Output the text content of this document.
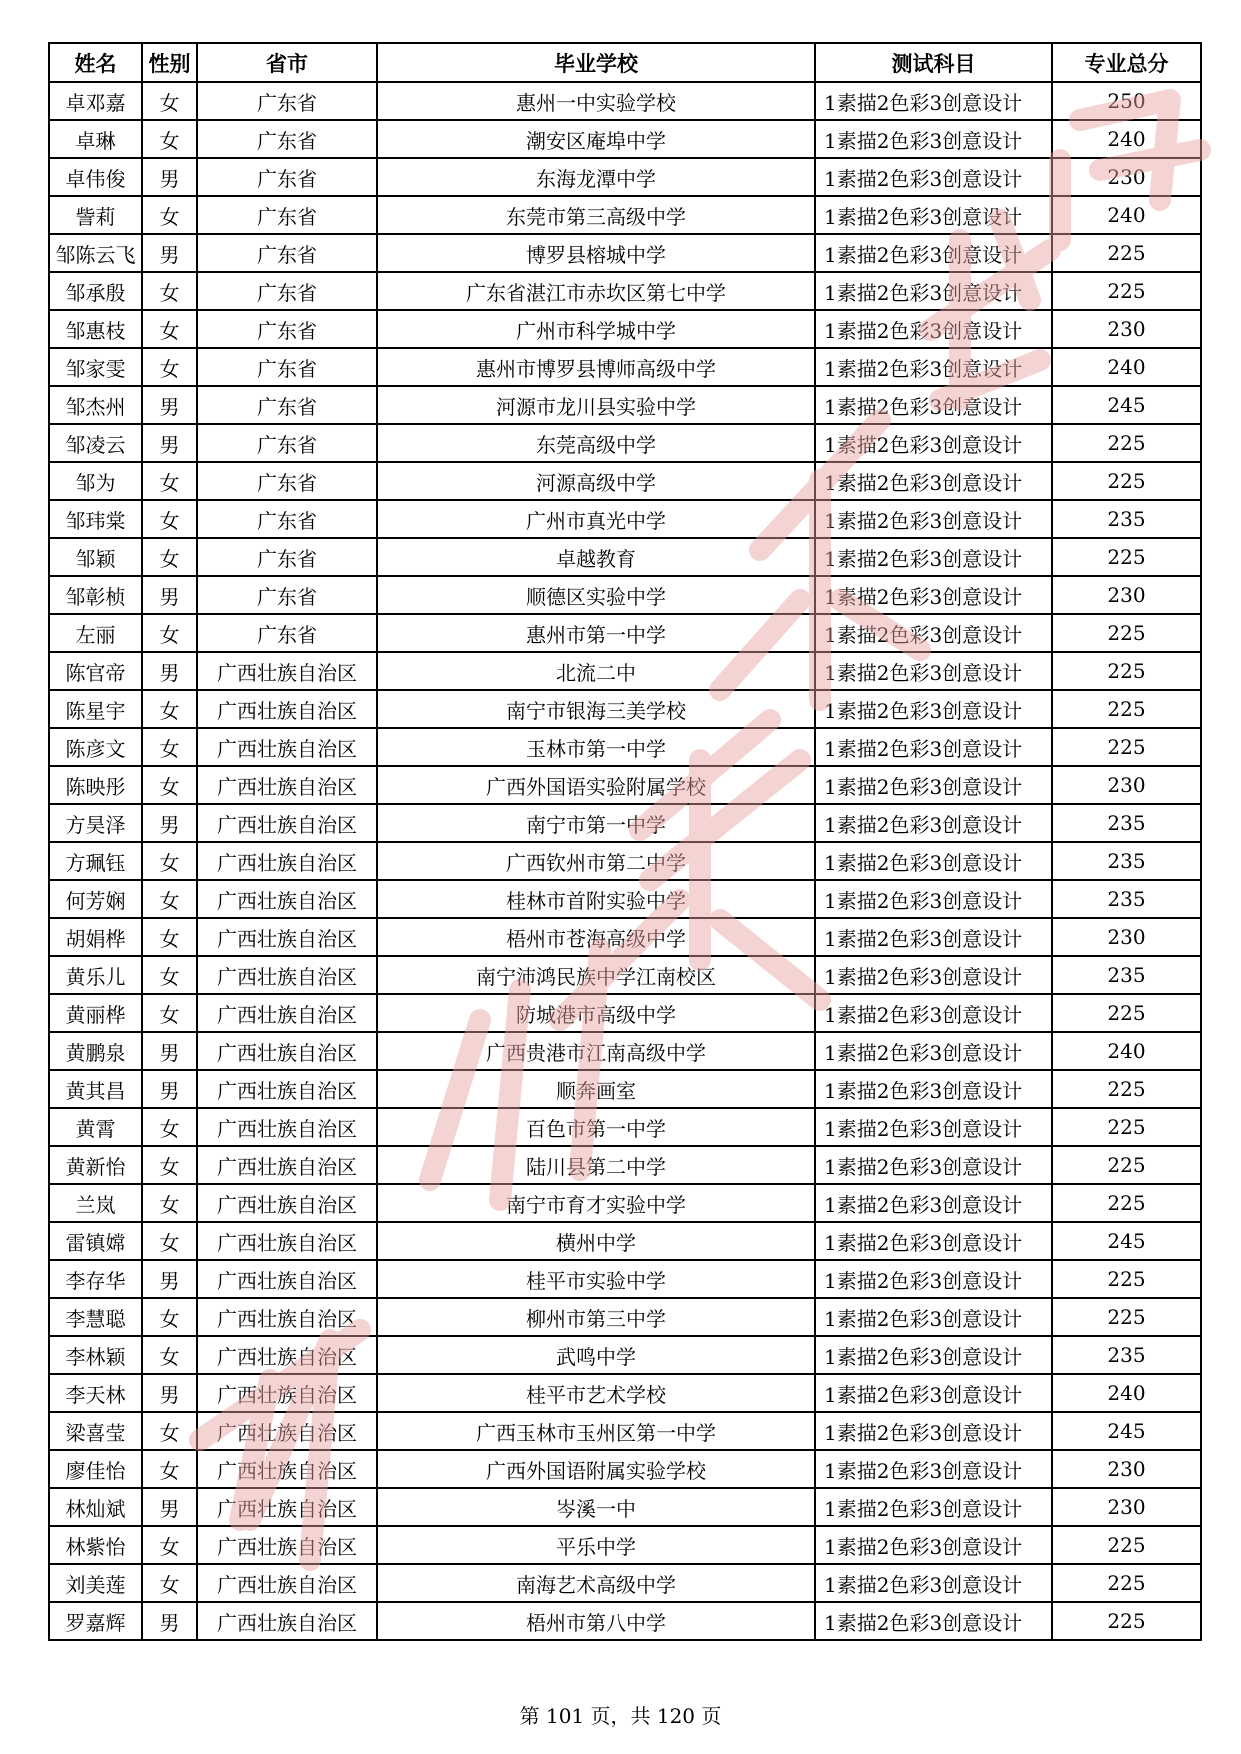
姓名	性别	省市	毕业学校	测试科目	专业总分
卓邓嘉	女	广东省	惠州一中实验学校	1素描2色彩3创意设计	250
卓琳	女	广东省	潮安区庵埠中学	1素描2色彩3创意设计	240
卓伟俊	男	广东省	东海龙潭中学	1素描2色彩3创意设计	230
訾莉	女	广东省	东莞市第三高级中学	1素描2色彩3创意设计	240
邹陈云飞	男	广东省	博罗县榕城中学	1素描2色彩3创意设计	225
邹承殷	女	广东省	广东省湛江市赤坎区第七中学	1素描2色彩3创意设计	225
邹惠枝	女	广东省	广州市科学城中学	1素描2色彩3创意设计	230
邹家雯	女	广东省	惠州市博罗县博师高级中学	1素描2色彩3创意设计	240
邹杰州	男	广东省	河源市龙川县实验中学	1素描2色彩3创意设计	245
邹凌云	男	广东省	东莞高级中学	1素描2色彩3创意设计	225
邹为	女	广东省	河源高级中学	1素描2色彩3创意设计	225
邹玮棠	女	广东省	广州市真光中学	1素描2色彩3创意设计	235
邹颖	女	广东省	卓越教育	1素描2色彩3创意设计	225
邹彰桢	男	广东省	顺德区实验中学	1素描2色彩3创意设计	230
左丽	女	广东省	惠州市第一中学	1素描2色彩3创意设计	225
陈官帝	男	广西壮族自治区	北流二中	1素描2色彩3创意设计	225
陈星宇	女	广西壮族自治区	南宁市银海三美学校	1素描2色彩3创意设计	225
陈彦文	女	广西壮族自治区	玉林市第一中学	1素描2色彩3创意设计	225
陈映彤	女	广西壮族自治区	广西外国语实验附属学校	1素描2色彩3创意设计	230
方昊泽	男	广西壮族自治区	南宁市第一中学	1素描2色彩3创意设计	235
方珮钰	女	广西壮族自治区	广西钦州市第二中学	1素描2色彩3创意设计	235
何芳娴	女	广西壮族自治区	桂林市首附实验中学	1素描2色彩3创意设计	235
胡娟桦	女	广西壮族自治区	梧州市苍海高级中学	1素描2色彩3创意设计	230
黄乐儿	女	广西壮族自治区	南宁沛鸿民族中学江南校区	1素描2色彩3创意设计	235
黄丽桦	女	广西壮族自治区	防城港市高级中学	1素描2色彩3创意设计	225
黄鹏泉	男	广西壮族自治区	广西贵港市江南高级中学	1素描2色彩3创意设计	240
黄其昌	男	广西壮族自治区	顺奔画室	1素描2色彩3创意设计	225
黄霄	女	广西壮族自治区	百色市第一中学	1素描2色彩3创意设计	225
黄新怡	女	广西壮族自治区	陆川县第二中学	1素描2色彩3创意设计	225
兰岚	女	广西壮族自治区	南宁市育才实验中学	1素描2色彩3创意设计	225
雷镇嫦	女	广西壮族自治区	横州中学	1素描2色彩3创意设计	245
李存华	男	广西壮族自治区	桂平市实验中学	1素描2色彩3创意设计	225
李慧聪	女	广西壮族自治区	柳州市第三中学	1素描2色彩3创意设计	225
李林颖	女	广西壮族自治区	武鸣中学	1素描2色彩3创意设计	235
李天林	男	广西壮族自治区	桂平市艺术学校	1素描2色彩3创意设计	240
梁喜莹	女	广西壮族自治区	广西玉林市玉州区第一中学	1素描2色彩3创意设计	245
廖佳怡	女	广西壮族自治区	广西外国语附属实验学校	1素描2色彩3创意设计	230
林灿斌	男	广西壮族自治区	岑溪一中	1素描2色彩3创意设计	230
林紫怡	女	广西壮族自治区	平乐中学	1素描2色彩3创意设计	225
刘美莲	女	广西壮族自治区	南海艺术高级中学	1素描2色彩3创意设计	225
罗嘉辉	男	广西壮族自治区	梧州市第八中学	1素描2色彩3创意设计	225
第 101 页，共 120 页
